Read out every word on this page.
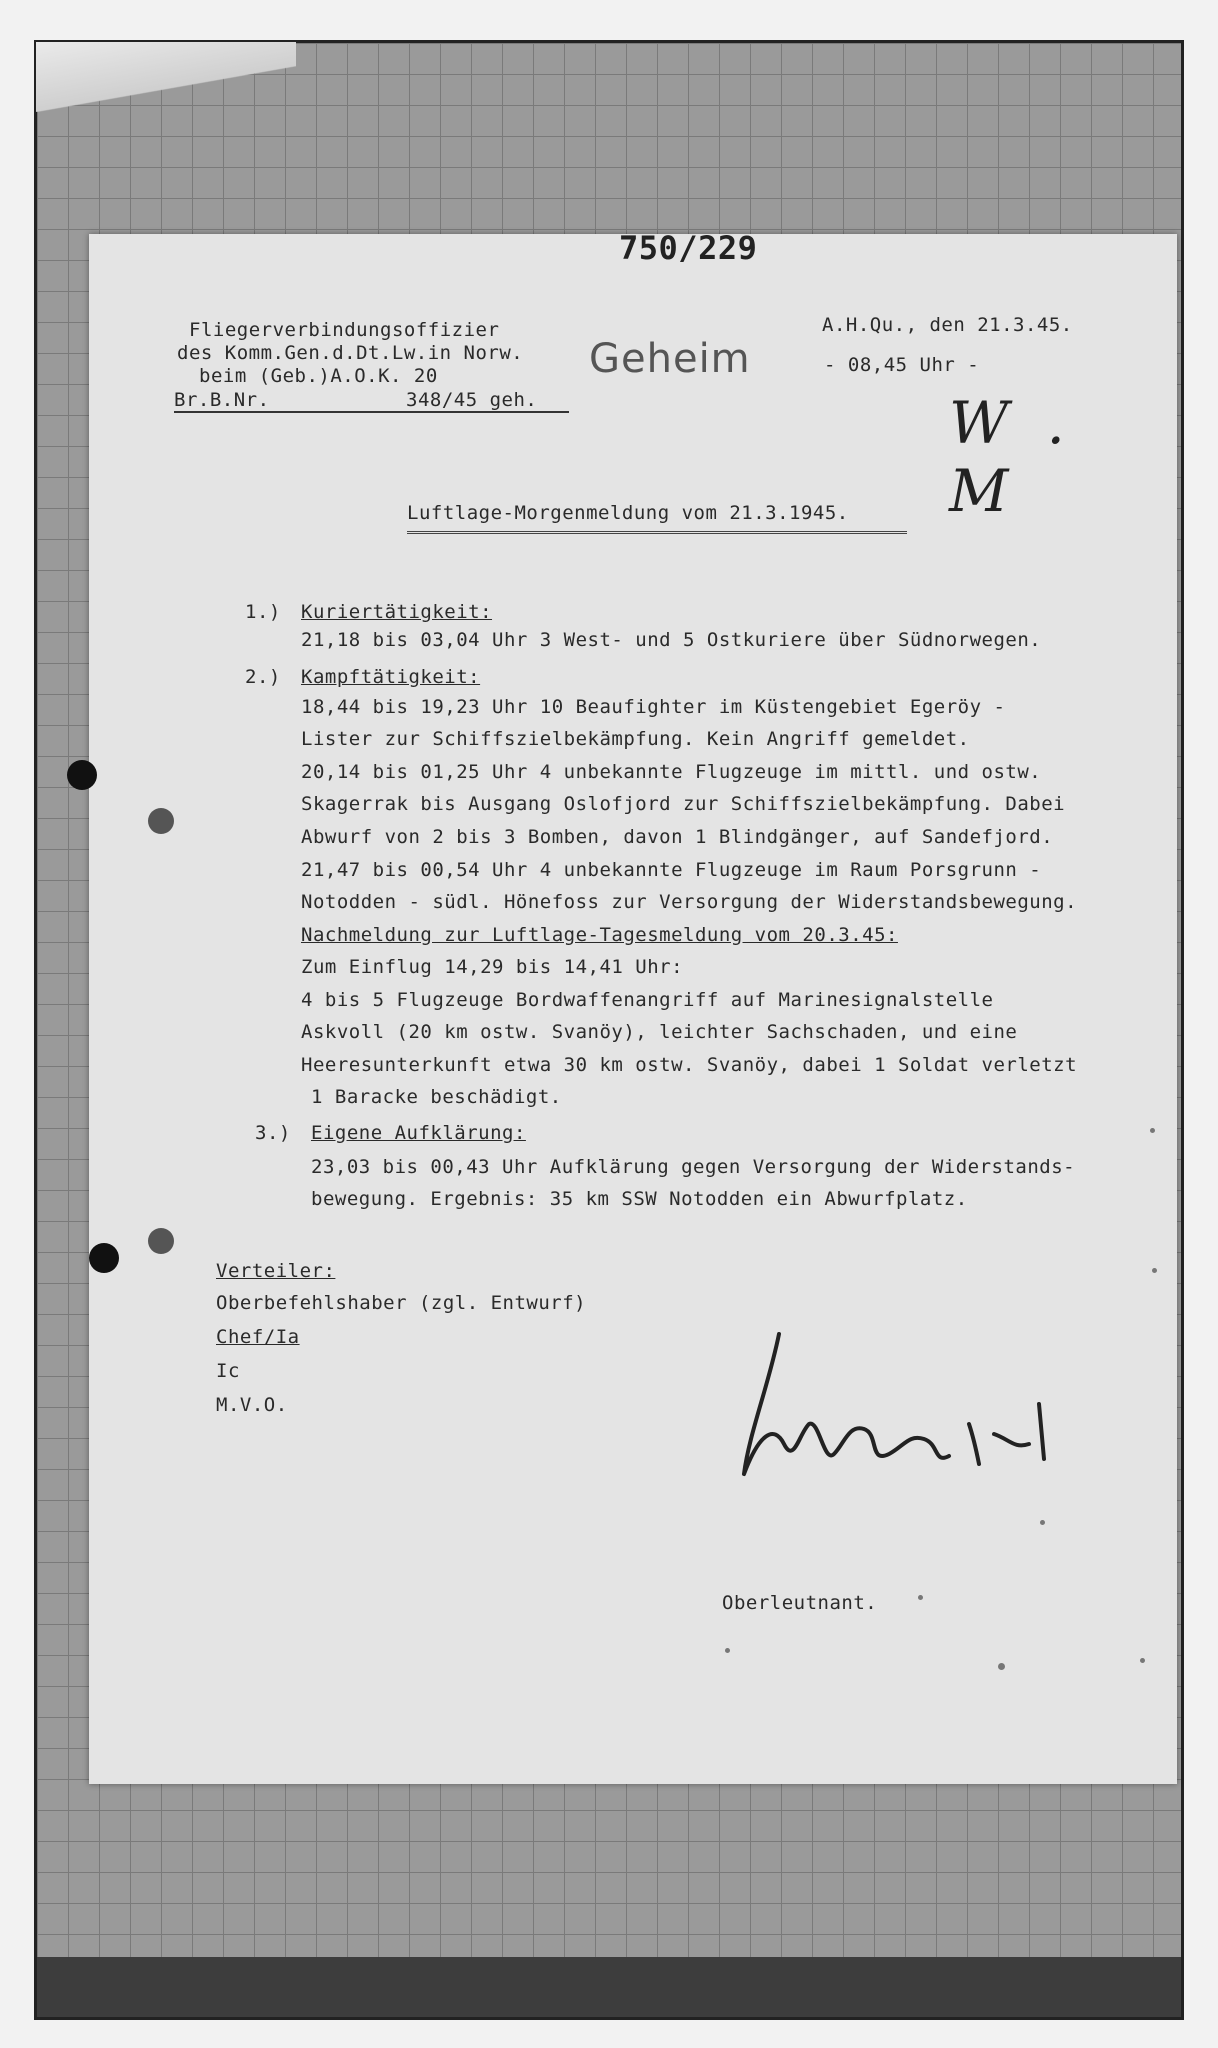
750/229
Fliegerverbindungsoffizier
des Komm.Gen.d.Dt.Lw.in Norw.
beim (Geb.)A.O.K. 20
Br.B.Nr.	348/45 geh.
Geheim
A.H.Qu., den 21.3.45.
- 08,45 Uhr -
W. M
Luftlage-Morgenmeldung vom 21.3.1945.
1.) Kuriertätigkeit:
21,18 bis 03,04 Uhr 3 West- und 5 Ostkuriere über Südnorwegen.
2.) Kampftätigkeit:
18,44 bis 19,23 Uhr 10 Beaufighter im Küstengebiet Egeröy -
Lister zur Schiffszielbekämpfung. Kein Angriff gemeldet.
20,14 bis 01,25 Uhr 4 unbekannte Flugzeuge im mittl. und ostw.
Skagerrak bis Ausgang Oslofjord zur Schiffszielbekämpfung. Dabei
Abwurf von 2 bis 3 Bomben, davon 1 Blindgänger, auf Sandefjord.
21,47 bis 00,54 Uhr 4 unbekannte Flugzeuge im Raum Porsgrunn -
Notodden - südl. Hönefoss zur Versorgung der Widerstandsbewegung.
Nachmeldung zur Luftlage-Tagesmeldung vom 20.3.45:
Zum Einflug 14,29 bis 14,41 Uhr:
4 bis 5 Flugzeuge Bordwaffenangriff auf Marinesignalstelle
Askvoll (20 km ostw. Svanöy), leichter Sachschaden, und eine
Heeresunterkunft etwa 30 km ostw. Svanöy, dabei 1 Soldat verletzt
1 Baracke beschädigt.
3.) Eigene Aufklärung:
23,03 bis 00,43 Uhr Aufklärung gegen Versorgung der Widerstands-
bewegung. Ergebnis: 35 km SSW Notodden ein Abwurfplatz.
Verteiler:
Oberbefehlshaber (zgl. Entwurf)
Chef/Ia
Ic
M.V.O.
Oberleutnant.
